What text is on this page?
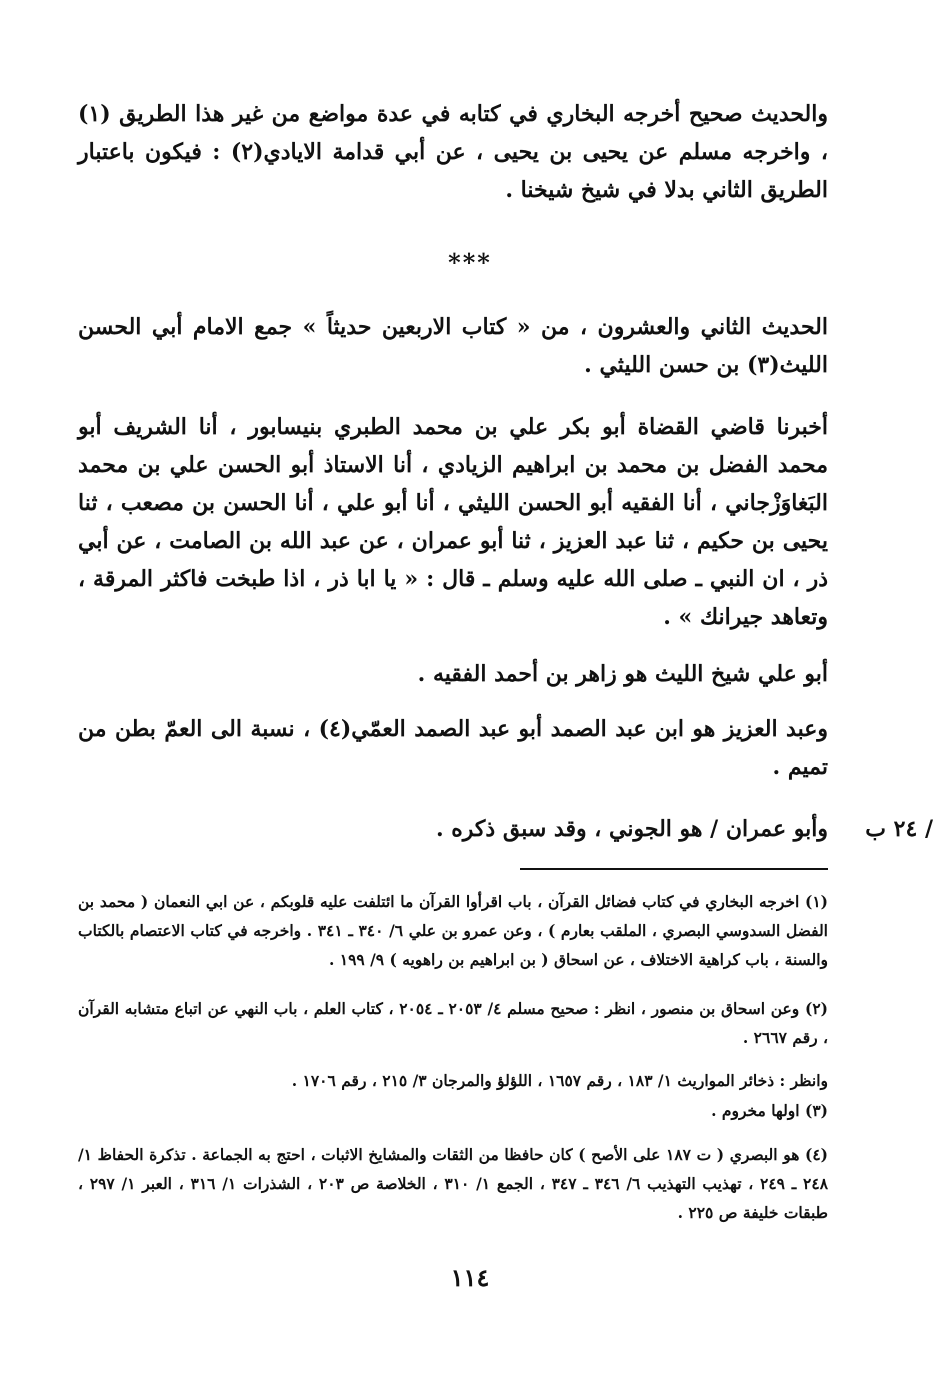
والحديث صحيح أخرجه البخاري في كتابه في عدة مواضع من غير هذا الطريق (١) ، واخرجه مسلم عن يحيى بن يحيى ، عن أبي قدامة الايادي(٢) : فيكون باعتبار الطريق الثاني بدلا في شيخ شيخنا .
***
الحديث الثاني والعشرون ، من « كتاب الاربعين حديثاً » جمع الامام أبي الحسن الليث(٣) بن حسن الليثي .
أخبرنا قاضي القضاة أبو بكر علي بن محمد الطبري بنيسابور ، أنا الشريف أبو محمد الفضل بن محمد بن ابراهيم الزيادي ، أنا الاستاذ أبو الحسن علي بن محمد البَغاوَزْجاني ، أنا الفقيه أبو الحسن الليثي ، أنا أبو علي ، أنا الحسن بن مصعب ، ثنا يحيى بن حكيم ، ثنا عبد العزيز ، ثنا أبو عمران ، عن عبد الله بن الصامت ، عن أبي ذر ، ان النبي ـ صلى الله عليه وسلم ـ قال : « يا ابا ذر ، اذا طبخت فاكثر المرقة ، وتعاهد جيرانك » .
أبو علي شيخ الليث هو زاهر بن أحمد الفقيه .
وعبد العزيز هو ابن عبد الصمد أبو عبد الصمد العمّي(٤) ، نسبة الى العمّ بطن من تميم .
وأبو عمران / هو الجوني ، وقد سبق ذكره .	/ ٢٤ ب
(١) اخرجه البخاري في كتاب فضائل القرآن ، باب اقرأوا القرآن ما ائتلفت عليه قلوبكم ، عن ابي النعمان ( محمد بن الفضل السدوسي البصري ، الملقب بعارم ) ، وعن عمرو بن علي ٦/ ٣٤٠ ـ ٣٤١ . واخرجه في كتاب الاعتصام بالكتاب والسنة ، باب كراهية الاختلاف ، عن اسحاق ( بن ابراهيم بن راهويه ) ٩/ ١٩٩ .
(٢) وعن اسحاق بن منصور ، انظر : صحيح مسلم ٤/ ٢٠٥٣ ـ ٢٠٥٤ ، كتاب العلم ، باب النهي عن اتباع متشابه القرآن ، رقم ٢٦٦٧ .
وانظر : ذخائر المواريث ١/ ١٨٣ ، رقم ١٦٥٧ ، اللؤلؤ والمرجان ٣/ ٢١٥ ، رقم ١٧٠٦ .
(٣) اولها مخروم .
(٤) هو البصري ( ت ١٨٧ على الأصح ) كان حافظا من الثقات والمشايخ الاثبات ، احتج به الجماعة . تذكرة الحفاظ ١/ ٢٤٨ ـ ٢٤٩ ، تهذيب التهذيب ٦/ ٣٤٦ ـ ٣٤٧ ، الجمع ١/ ٣١٠ ، الخلاصة ص ٢٠٣ ، الشذرات ١/ ٣١٦ ، العبر ١/ ٢٩٧ ، طبقات خليفة ص ٢٢٥ .
١١٤
